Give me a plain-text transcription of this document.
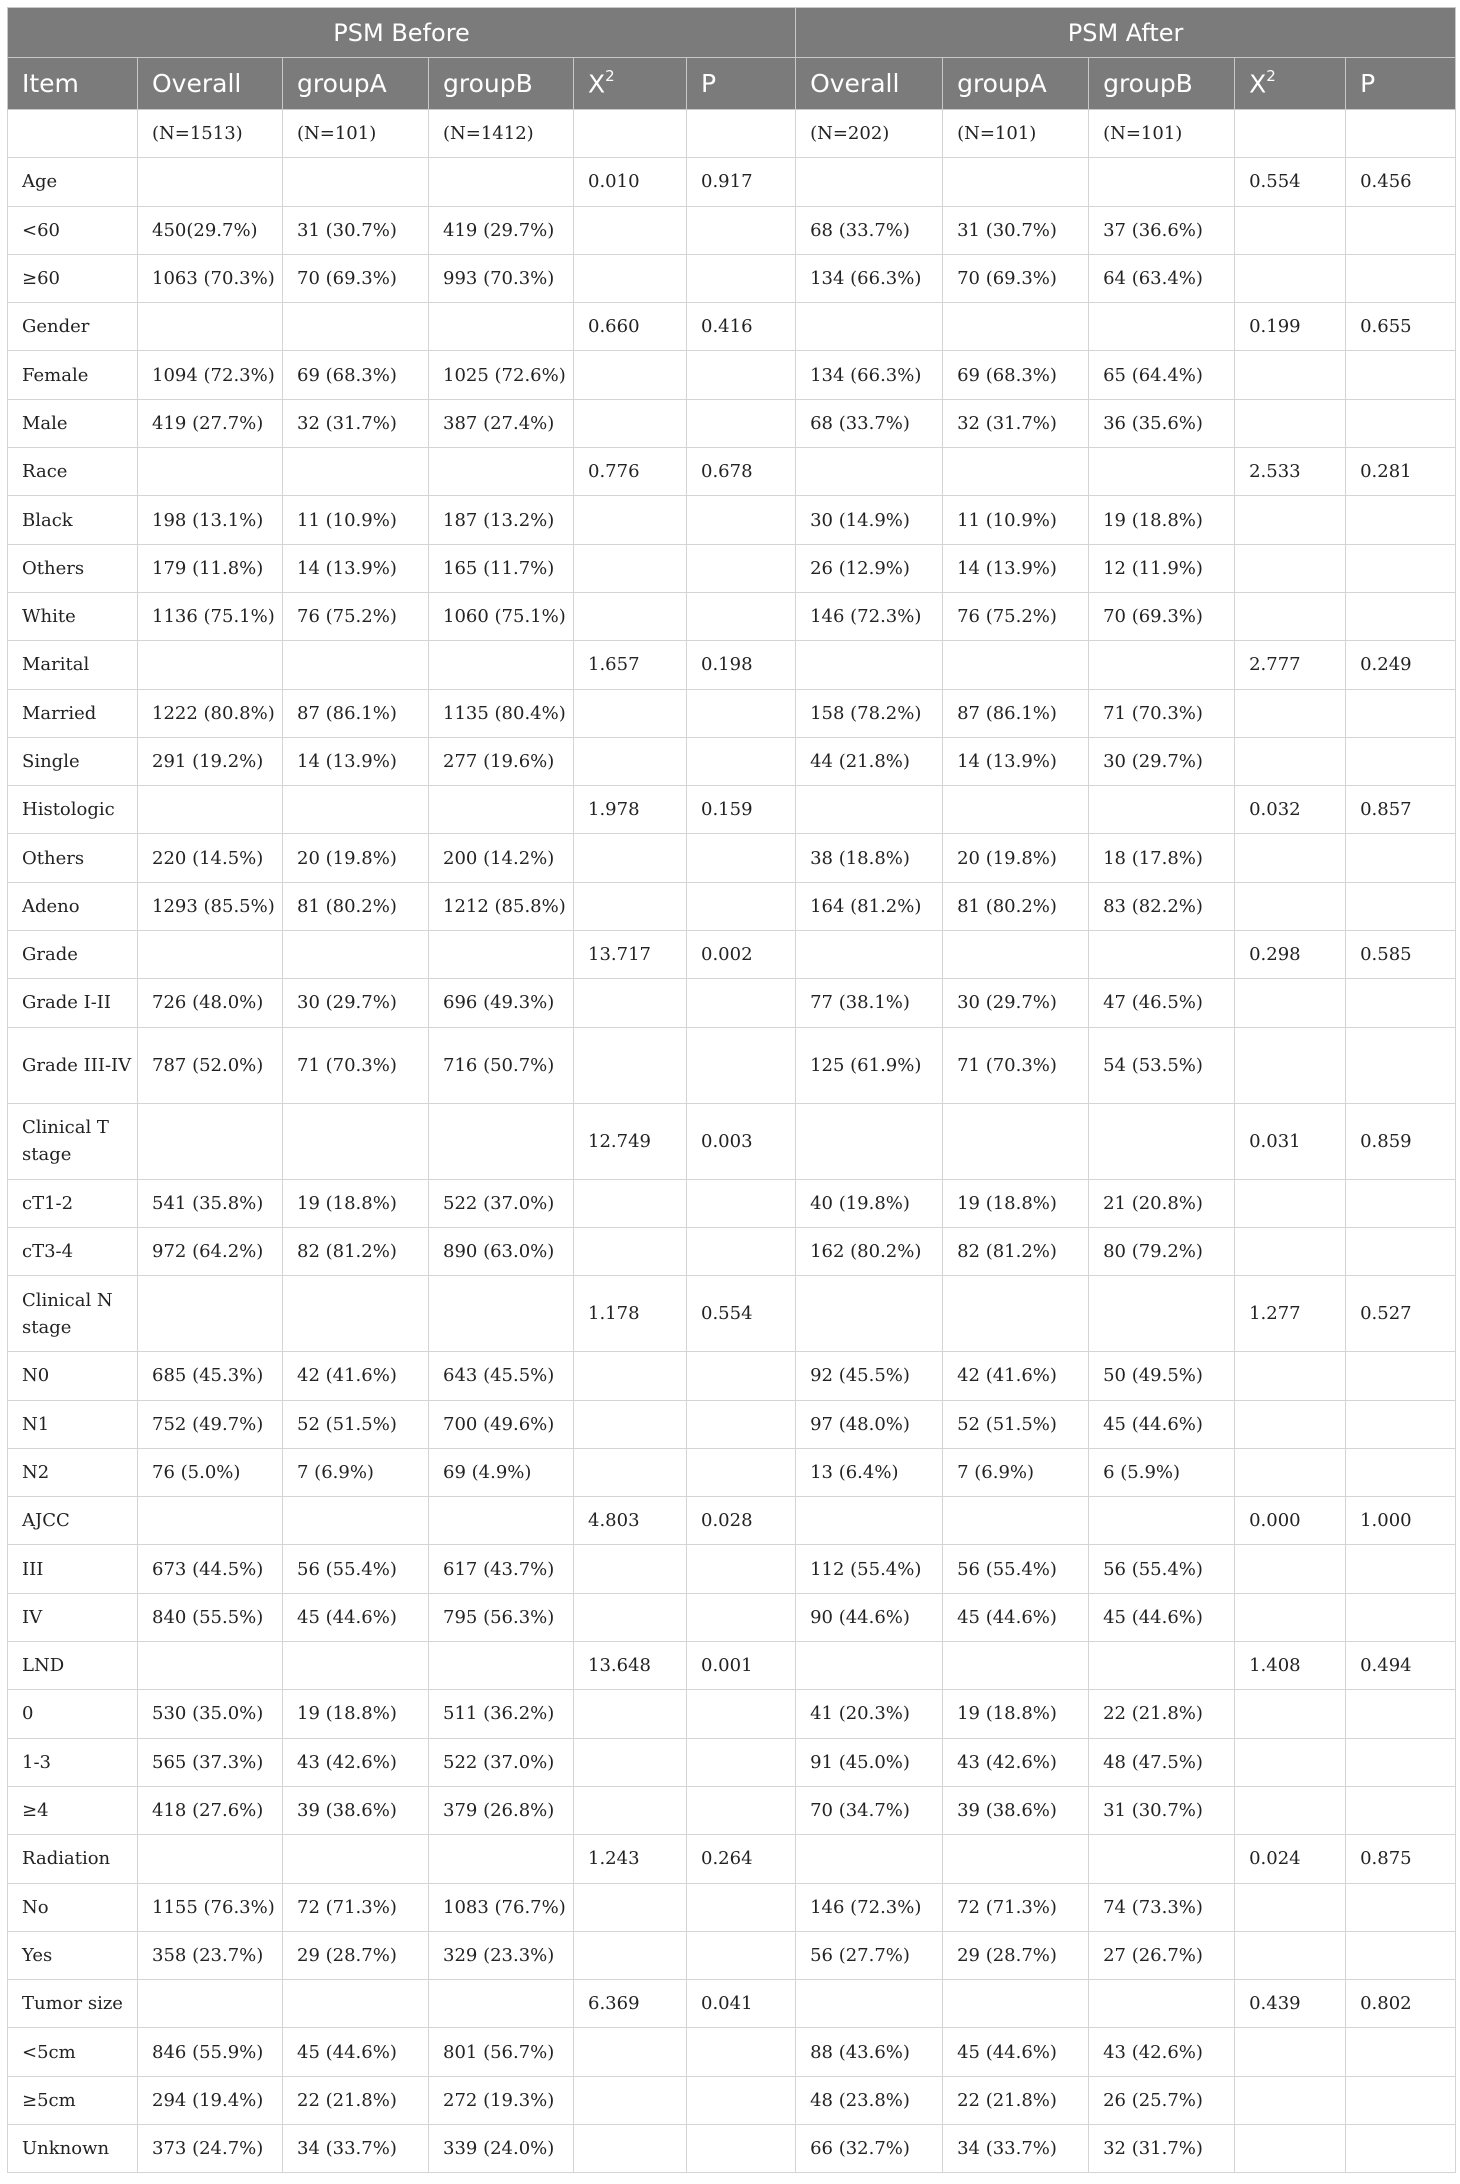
PSM Before						PSM After				
Item	Overall	groupA	groupB	$X^2$	P	Overall	groupA	groupB	$X^2$	P
	(N=1513)	(N=101)	(N=1412)			(N=202)	(N=101)	(N=101)		
Age				0.010	0.917				0.554	0.456
<60	450(29.7%)	31 (30.7%)	419 (29.7%)			68 (33.7%)	31 (30.7%)	37 (36.6%)		
≥60	1063 (70.3%)	70 (69.3%)	993 (70.3%)			134 (66.3%)	70 (69.3%)	64 (63.4%)		
Gender				0.660	0.416				0.199	0.655
Female	1094 (72.3%)	69 (68.3%)	1025 (72.6%)			134 (66.3%)	69 (68.3%)	65 (64.4%)		
Male	419 (27.7%)	32 (31.7%)	387 (27.4%)			68 (33.7%)	32 (31.7%)	36 (35.6%)		
Race				0.776	0.678				2.533	0.281
Black	198 (13.1%)	11 (10.9%)	187 (13.2%)			30 (14.9%)	11 (10.9%)	19 (18.8%)		
Others	179 (11.8%)	14 (13.9%)	165 (11.7%)			26 (12.9%)	14 (13.9%)	12 (11.9%)		
White	1136 (75.1%)	76 (75.2%)	1060 (75.1%)			146 (72.3%)	76 (75.2%)	70 (69.3%)		
Marital				1.657	0.198				2.777	0.249
Married	1222 (80.8%)	87 (86.1%)	1135 (80.4%)			158 (78.2%)	87 (86.1%)	71 (70.3%)		
Single	291 (19.2%)	14 (13.9%)	277 (19.6%)			44 (21.8%)	14 (13.9%)	30 (29.7%)		
Histologic				1.978	0.159				0.032	0.857
Others	220 (14.5%)	20 (19.8%)	200 (14.2%)			38 (18.8%)	20 (19.8%)	18 (17.8%)		
Adeno	1293 (85.5%)	81 (80.2%)	1212 (85.8%)			164 (81.2%)	81 (80.2%)	83 (82.2%)		
Grade				13.717	0.002				0.298	0.585
Grade I-II	726 (48.0%)	30 (29.7%)	696 (49.3%)			77 (38.1%)	30 (29.7%)	47 (46.5%)		
Grade III-IV	787 (52.0%)	71 (70.3%)	716 (50.7%)			125 (61.9%)	71 (70.3%)	54 (53.5%)		
Clinical T stage				12.749	0.003				0.031	0.859
cT1-2	541 (35.8%)	19 (18.8%)	522 (37.0%)			40 (19.8%)	19 (18.8%)	21 (20.8%)		
cT3-4	972 (64.2%)	82 (81.2%)	890 (63.0%)			162 (80.2%)	82 (81.2%)	80 (79.2%)		
Clinical N stage				1.178	0.554				1.277	0.527
N0	685 (45.3%)	42 (41.6%)	643 (45.5%)			92 (45.5%)	42 (41.6%)	50 (49.5%)		
N1	752 (49.7%)	52 (51.5%)	700 (49.6%)			97 (48.0%)	52 (51.5%)	45 (44.6%)		
N2	76 (5.0%)	7 (6.9%)	69 (4.9%)			13 (6.4%)	7 (6.9%)	6 (5.9%)		
AJCC				4.803	0.028				0.000	1.000
III	673 (44.5%)	56 (55.4%)	617 (43.7%)			112 (55.4%)	56 (55.4%)	56 (55.4%)		
IV	840 (55.5%)	45 (44.6%)	795 (56.3%)			90 (44.6%)	45 (44.6%)	45 (44.6%)		
LND				13.648	0.001				1.408	0.494
0	530 (35.0%)	19 (18.8%)	511 (36.2%)			41 (20.3%)	19 (18.8%)	22 (21.8%)		
1-3	565 (37.3%)	43 (42.6%)	522 (37.0%)			91 (45.0%)	43 (42.6%)	48 (47.5%)		
≥4	418 (27.6%)	39 (38.6%)	379 (26.8%)			70 (34.7%)	39 (38.6%)	31 (30.7%)		
Radiation				1.243	0.264				0.024	0.875
No	1155 (76.3%)	72 (71.3%)	1083 (76.7%)			146 (72.3%)	72 (71.3%)	74 (73.3%)		
Yes	358 (23.7%)	29 (28.7%)	329 (23.3%)			56 (27.7%)	29 (28.7%)	27 (26.7%)		
Tumor size				6.369	0.041				0.439	0.802
<5cm	846 (55.9%)	45 (44.6%)	801 (56.7%)			88 (43.6%)	45 (44.6%)	43 (42.6%)		
≥5cm	294 (19.4%)	22 (21.8%)	272 (19.3%)			48 (23.8%)	22 (21.8%)	26 (25.7%)		
Unknown	373 (24.7%)	34 (33.7%)	339 (24.0%)			66 (32.7%)	34 (33.7%)	32 (31.7%)		
